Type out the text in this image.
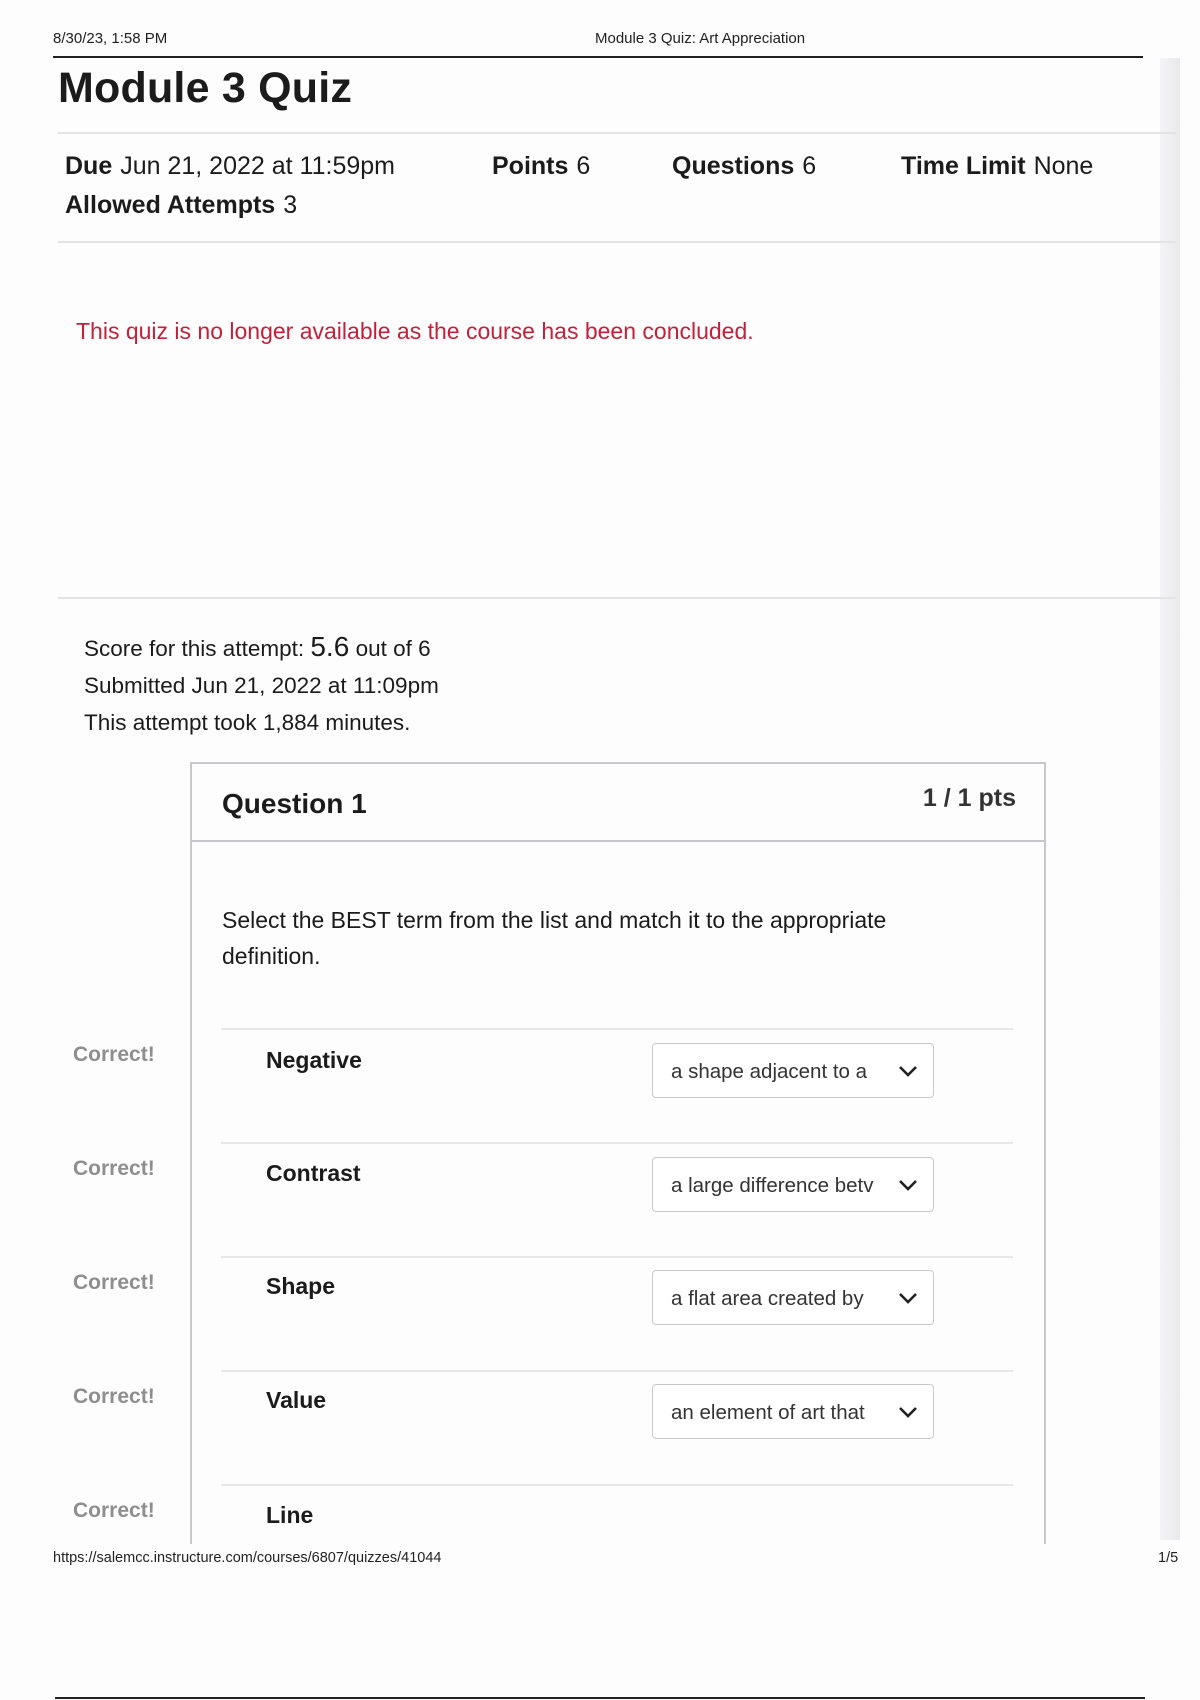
8/30/23, 1:58 PM	Module 3 Quiz: Art Appreciation
Module 3 Quiz
Due Jun 21, 2022 at 11:59pm	Points 6	Questions 6	Time Limit None
Allowed Attempts 3
This quiz is no longer available as the course has been concluded.
Score for this attempt: 5.6 out of 6
Submitted Jun 21, 2022 at 11:09pm
This attempt took 1,884 minutes.
Question 1	1 / 1 pts
Select the BEST term from the list and match it to the appropriate definition.
Correct!	Negative	a shape adjacent to a
Correct!	Contrast	a large difference betv
Correct!	Shape	a flat area created by
Correct!	Value	an element of art that
Correct!	Line
https://salemcc.instructure.com/courses/6807/quizzes/41044	1/5
